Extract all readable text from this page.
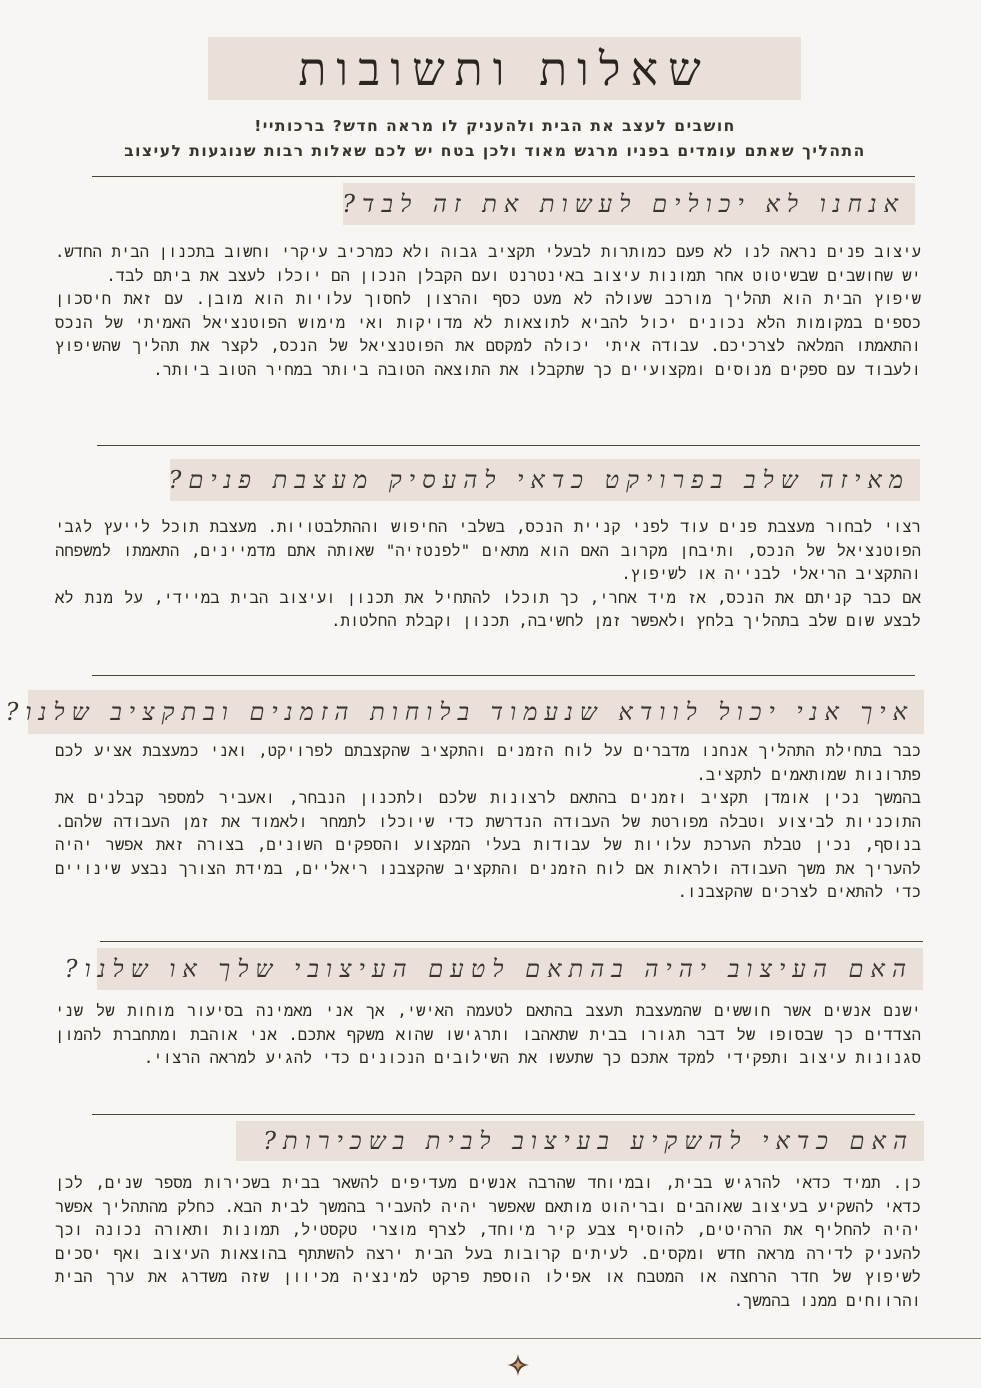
שאלות ותשובות
חושבים לעצב את הבית ולהעניק לו מראה חדש? ברכותיי!
התהליך שאתם עומדים בפניו מרגש מאוד ולכן בטח יש לכם שאלות רבות שנוגעות לעיצוב
אנחנו לא יכולים לעשות את זה לבד?

עיצוב פנים נראה לנו לא פעם כמותרות לבעלי תקציב גבוה ולא כמרכיב עיקרי וחשוב בתכנון הבית החדש. יש שחושבים שבשיטוט אחר תמונות עיצוב באינטרנט ועם הקבלן הנכון הם יוכלו לעצב את ביתם לבד.

שיפוץ הבית הוא תהליך מורכב שעולה לא מעט כסף והרצון לחסוך עלויות הוא מובן. עם זאת חיסכון כספים במקומות הלא נכונים יכול להביא לתוצאות לא מדויקות ואי מימוש הפוטנציאל האמיתי של הנכס והתאמתו המלאה לצרכיכם. עבודה איתי יכולה למקסם את הפוטנציאל של הנכס, לקצר את תהליך שהשיפוץ ולעבוד עם ספקים מנוסים ומקצועיים כך שתקבלו את התוצאה הטובה ביותר במחיר הטוב ביותר.

מאיזה שלב בפרויקט כדאי להעסיק מעצבת פנים?

רצוי לבחור מעצבת פנים עוד לפני קניית הנכס, בשלבי החיפוש וההתלבטויות. מעצבת תוכל לייעץ לגבי הפוטנציאל של הנכס, ותיבחן מקרוב האם הוא מתאים "לפנטזיה" שאותה אתם מדמיינים, התאמתו למשפחה והתקציב הריאלי לבנייה או לשיפוץ.

אם כבר קניתם את הנכס, אז מיד אחרי, כך תוכלו להתחיל את תכנון ועיצוב הבית במיידי, על מנת לא לבצע שום שלב בתהליך בלחץ ולאפשר זמן לחשיבה, תכנון וקבלת החלטות.

איך אני יכול לוודא שנעמוד בלוחות הזמנים ובתקציב שלנו?

כבר בתחילת התהליך אנחנו מדברים על לוח הזמנים והתקציב שהקצבתם לפרויקט, ואני כמעצבת אציע לכם פתרונות שמותאמים לתקציב.

בהמשך נכין אומדן תקציב וזמנים בהתאם לרצונות שלכם ולתכנון הנבחר, ואעביר למספר קבלנים את התוכניות לביצוע וטבלה מפורטת של העבודה הנדרשת כדי שיוכלו לתמחר ולאמוד את זמן העבודה שלהם. בנוסף, נכין טבלת הערכת עלויות של עבודות בעלי המקצוע והספקים השונים, בצורה זאת אפשר יהיה להעריך את משך העבודה ולראות אם לוח הזמנים והתקציב שהקצבנו ריאליים, במידת הצורך נבצע שינויים כדי להתאים לצרכים שהקצבנו.

האם העיצוב יהיה בהתאם לטעם העיצובי שלך או שלנו?

ישנם אנשים אשר חוששים שהמעצבת תעצב בהתאם לטעמה האישי, אך אני מאמינה בסיעור מוחות של שני הצדדים כך שבסופו של דבר תגורו בבית שתאהבו ותרגישו שהוא משקף אתכם. אני אוהבת ומתחברת להמון סגנונות עיצוב ותפקידי למקד אתכם כך שתעשו את השילובים הנכונים כדי להגיע למראה הרצוי.

האם כדאי להשקיע בעיצוב לבית בשכירות?

כן. תמיד כדאי להרגיש בבית, ובמיוחד שהרבה אנשים מעדיפים להשאר בבית בשכירות מספר שנים, לכן כדאי להשקיע בעיצוב שאוהבים ובריהוט מותאם שאפשר יהיה להעביר בהמשך לבית הבא. כחלק מהתהליך אפשר יהיה להחליף את הרהיטים, להוסיף צבע קיר מיוחד, לצרף מוצרי טקסטיל, תמונות ותאורה נכונה וכך להעניק לדירה מראה חדש ומקסים. לעיתים קרובות בעל הבית ירצה להשתתף בהוצאות העיצוב ואף יסכים לשיפוץ של חדר הרחצה או המטבח או אפילו הוספת פרקט למינציה מכיוון שזה משדרג את ערך הבית והרווחים ממנו בהמשך.
